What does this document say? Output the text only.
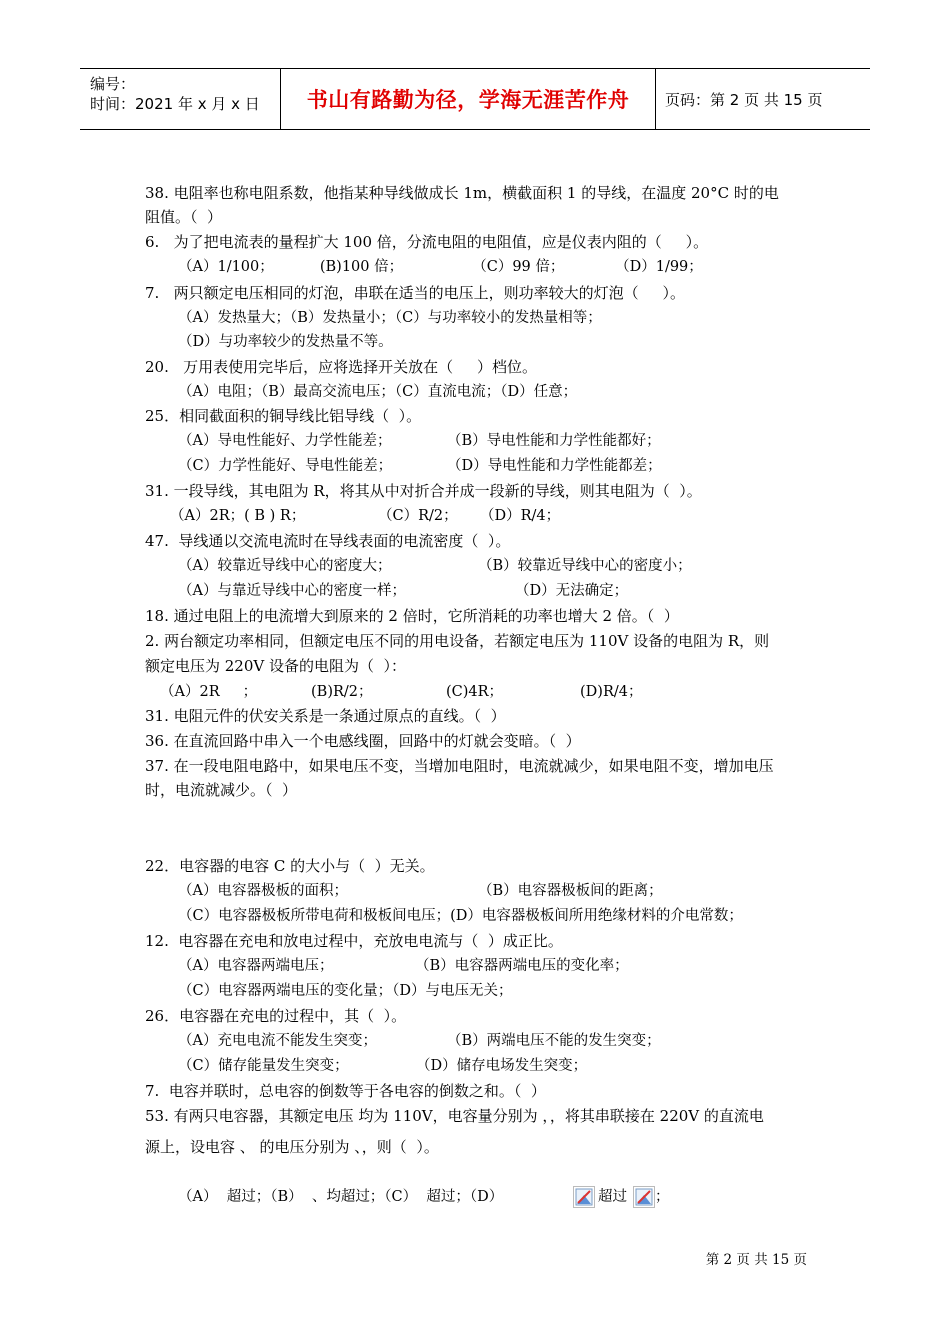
编号：
时间：2021 年 x 月 x 日 书山有路勤为径，学海无涯苦作舟 页码：第 2 页 共 15 页
38. 电阻率也称电阻系数，他指某种导线做成长 1m，横截面积 1 的导线，在温度 20°C 时的电
阻值。（  ）
6.   为了把电流表的量程扩大 100 倍，分流电阻的电阻值，应是仪表内阻的（     ）。
（A）1/100；          (B)100 倍；               （C）99 倍；           （D）1/99；
7.   两只额定电压相同的灯泡，串联在适当的电压上，则功率较大的灯泡（     ）。
（A）发热量大；（B）发热量小；（C）与功率较小的发热量相等；
（D）与功率较少的发热量不等。
20.   万用表使用完毕后，应将选择开关放在（     ）档位。
（A）电阻；（B）最高交流电压；（C）直流电流；（D）任意；
25．相同截面积的铜导线比铝导线（  ）。
（A）导电性能好、力学性能差；	（B）导电性能和力学性能都好；
（C）力学性能好、导电性能差；	（D）导电性能和力学性能都差；
31. 一段导线，其电阻为 R，将其从中对折合并成一段新的导线，则其电阻为（  ）。
（A）2R；( B ) R；	（C）R/2； （D）R/4；
47.  导线通以交流电流时在导线表面的电流密度（  ）。
（A）较靠近导线中心的密度大；	（B）较靠近导线中心的密度小；
（A）与靠近导线中心的密度一样；	（D）无法确定；
18. 通过电阻上的电流增大到原来的 2 倍时，它所消耗的功率也增大 2 倍。（  ）
2. 两台额定功率相同，但额定电压不同的用电设备，若额定电压为 110V 设备的电阻为 R，则
额定电压为 220V 设备的电阻为（  ）：
（A）2R     ；	(B)R/2；	(C)4R；	(D)R/4；
31. 电阻元件的伏安关系是一条通过原点的直线。（  ）
36. 在直流回路中串入一个电感线圈，回路中的灯就会变暗。（  ）
37. 在一段电阻电路中，如果电压不变，当增加电阻时，电流就减少，如果电阻不变，增加电压
时，电流就减少。（  ）
22．电容器的电容 C 的大小与（  ）无关。
（A）电容器极板的面积；	（B）电容器极板间的距离；
（C）电容器极板所带电荷和极板间电压；(D）电容器极板间所用绝缘材料的介电常数；
12.  电容器在充电和放电过程中，充放电电流与（  ）成正比。
（A）电容器两端电压；	（B）电容器两端电压的变化率；
（C）电容器两端电压的变化量；（D）与电压无关；
26．电容器在充电的过程中，其（  ）。
（A）充电电流不能发生突变；	（B）两端电压不能的发生突变；
（C）储存能量发生突变；	（D）储存电场发生突变；
7.  电容并联时，总电容的倒数等于各电容的倒数之和。（  ）
53. 有两只电容器，其额定电压 均为 110V，电容量分别为 ，，将其串联接在 220V 的直流电
源上，设电容 、 的电压分别为 、，则（  ）。
（A）  超过；（B）  、均超过；（C）  超过；（D）	超过 ；
第 2 页 共 15 页
